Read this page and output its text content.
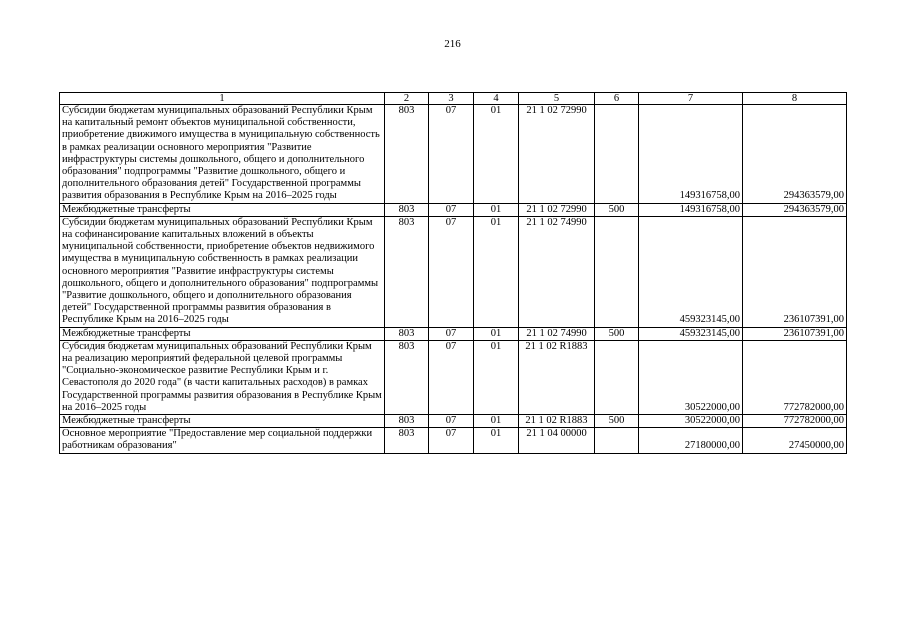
216
1	2	3	4	5	6	7	8
Субсидии бюджетам муниципальных образований Республики Крым на капитальный ремонт объектов муниципальной собственности, приобретение движимого имущества в муниципальную собственность в рамках реализации основного мероприятия "Развитие инфраструктуры системы дошкольного, общего и дополнительного образования" подпрограммы "Развитие дошкольного, общего и дополнительного образования детей" Государственной программы развития образования в Республике Крым на 2016–2025 годы	803	07	01	21 1 02 72990		149316758,00	294363579,00
Межбюджетные трансферты	803	07	01	21 1 02 72990	500	149316758,00	294363579,00
Субсидии бюджетам муниципальных образований Республики Крым на софинансирование капитальных вложений в объекты муниципальной собственности, приобретение объектов недвижимого имущества в муниципальную собственность в рамках реализации основного мероприятия "Развитие инфраструктуры системы дошкольного, общего и дополнительного образования" подпрограммы "Развитие дошкольного, общего и дополнительного образования детей" Государственной программы развития образования в Республике Крым на 2016–2025 годы	803	07	01	21 1 02 74990		459323145,00	236107391,00
Межбюджетные трансферты	803	07	01	21 1 02 74990	500	459323145,00	236107391,00
Субсидия бюджетам муниципальных образований Республики Крым на реализацию мероприятий федеральной целевой программы "Социально-экономическое развитие Республики Крым и г. Севастополя до 2020 года" (в части капитальных расходов) в рамках Государственной программы развития образования в Республике Крым на 2016–2025 годы	803	07	01	21 1 02 R1883		30522000,00	772782000,00
Межбюджетные трансферты	803	07	01	21 1 02 R1883	500	30522000,00	772782000,00
Основное мероприятие "Предоставление мер социальной поддержки работникам образования"	803	07	01	21 1 04 00000		27180000,00	27450000,00
